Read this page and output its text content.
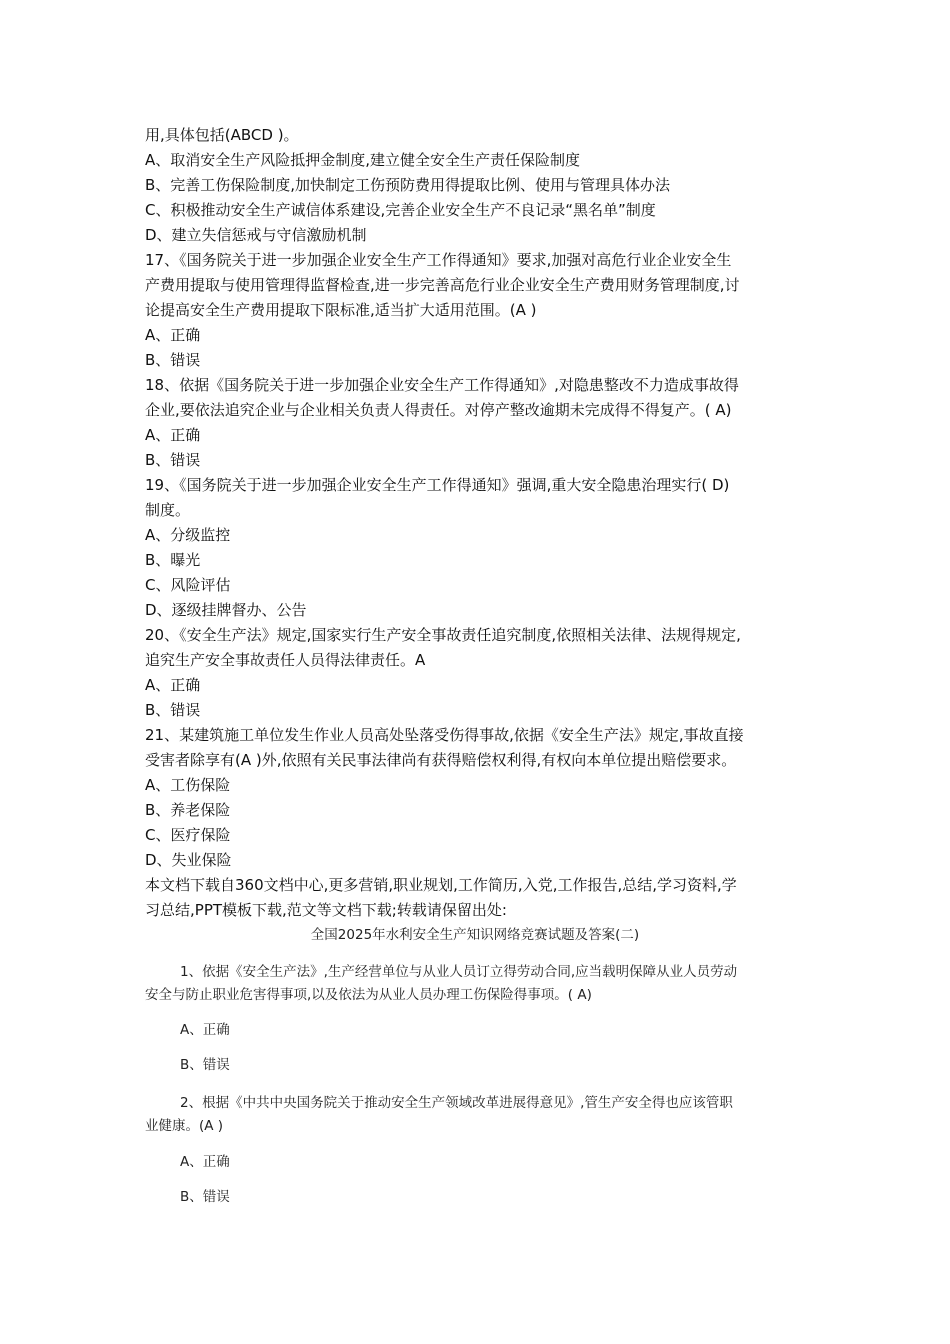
用,具体包括(ABCD )。
A、取消安全生产风险抵押金制度,建立健全安全生产责任保险制度
B、完善工伤保险制度,加快制定工伤预防费用得提取比例、使用与管理具体办法
C、积极推动安全生产诚信体系建设,完善企业安全生产不良记录“黑名单”制度
D、建立失信惩戒与守信激励机制
17、《国务院关于进一步加强企业安全生产工作得通知》要求,加强对高危行业企业安全生
产费用提取与使用管理得监督检查,进一步完善高危行业企业安全生产费用财务管理制度,讨
论提高安全生产费用提取下限标准,适当扩大适用范围。(A )
A、正确
B、错误
18、依据《国务院关于进一步加强企业安全生产工作得通知》,对隐患整改不力造成事故得
企业,要依法追究企业与企业相关负责人得责任。对停产整改逾期未完成得不得复产。( A)
A、正确
B、错误
19、《国务院关于进一步加强企业安全生产工作得通知》强调,重大安全隐患治理实行( D)
制度。
A、分级监控
B、曝光
C、风险评估
D、逐级挂牌督办、公告
20、《安全生产法》规定,国家实行生产安全事故责任追究制度,依照相关法律、法规得规定,
追究生产安全事故责任人员得法律责任。A
A、正确
B、错误
21、某建筑施工单位发生作业人员高处坠落受伤得事故,依据《安全生产法》规定,事故直接
受害者除享有(A )外,依照有关民事法律尚有获得赔偿权利得,有权向本单位提出赔偿要求。
A、工伤保险
B、养老保险
C、医疗保险
D、失业保险
本文档下载自360文档中心,更多营销,职业规划,工作简历,入党,工作报告,总结,学习资料,学
习总结,PPT模板下载,范文等文档下载;转载请保留出处:
全国2025年水利安全生产知识网络竞赛试题及答案(二)
1、依据《安全生产法》,生产经营单位与从业人员订立得劳动合同,应当载明保障从业人员劳动
安全与防止职业危害得事项,以及依法为从业人员办理工伤保险得事项。( A)
A、正确
B、错误
2、根据《中共中央国务院关于推动安全生产领域改革进展得意见》,管生产安全得也应该管职
业健康。(A )
A、正确
B、错误
